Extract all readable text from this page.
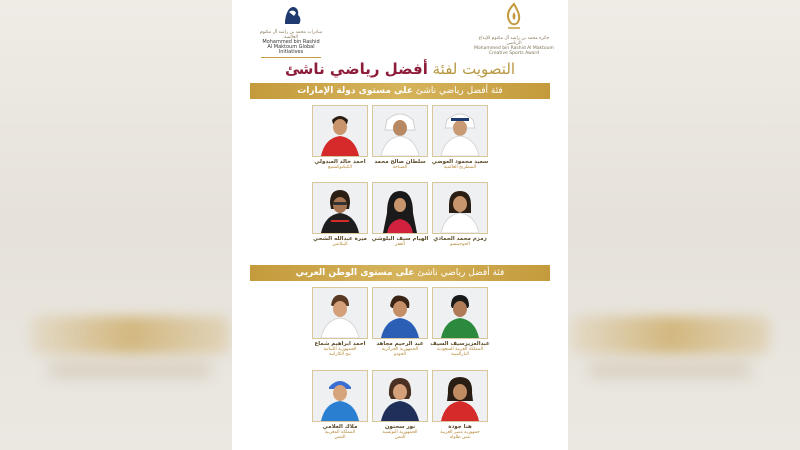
مبادرات محمد بن راشد آل مكتوم العالمية
Mohammed bin Rashid
Al Maktoum Global Initiatives
جائزة محمد بن راشد آل مكتوم للإبداع الرياضي
Mohammed bin Rashid Al Maktoum
Creative Sports Award
التصويت لفئة أفضل رياضي ناشئ
فئة أفضل رياضي ناشئ على مستوى دولة الإمارات
سعيد محمود العوضي
الشطرنج العالمية
سلطان صالح محمد
السباحة
احمد خالد العبدولي
الكيكبوكسينغ
زمزم محمد الحمادي
الجوجيتسو
الهيام سيف البلوشي
القفز
ميرة عبدالله الشحي
البيلاتس
فئة أفضل رياضي ناشئ على مستوى الوطن العربي
عبدالعزيزسيف السيف
المملكة العربية السعودية
البارالمبية
عبد الرحيم مجاهد
الجمهورية الجزائرية
الجودو
احمد ابراهيم شماع
الجمهورية اللبنانية
بنج الكاراتيه
هنا جودة
جمهورية مصر العربية
تنس طاولة
نور سحنون
الجمهورية التونسية
التنس
ملاك العلامي
المملكة المغربية
التنس
